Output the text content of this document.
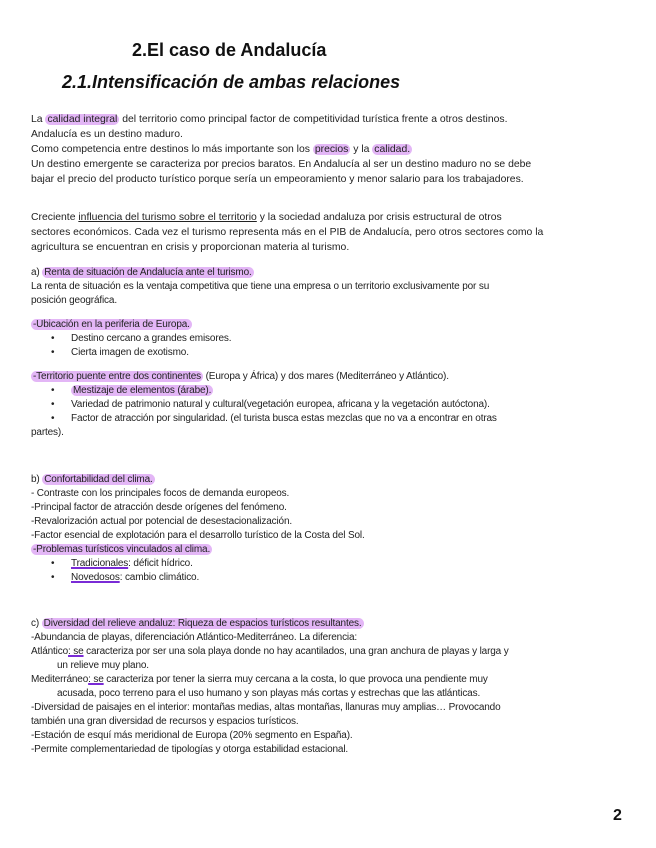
2.El caso de Andalucía
2.1.Intensificación de ambas relaciones
La calidad integral del territorio como principal factor de competitividad turística frente a otros destinos.
Andalucía es un destino maduro.
Como competencia entre destinos lo más importante son los precios y la calidad.
Un destino emergente se caracteriza por precios baratos. En Andalucía al ser un destino maduro no se debe
bajar el precio del producto turístico porque sería un empeoramiento y menor salario para los trabajadores.
Creciente influencia del turismo sobre el territorio y la sociedad andaluza por crisis estructural de otros
sectores económicos. Cada vez el turismo representa más en el PIB de Andalucía, pero otros sectores como la
agricultura se encuentran en crisis y proporcionan materia al turismo.
a) Renta de situación de Andalucía ante el turismo.
La renta de situación es la ventaja competitiva que tiene una empresa o un territorio exclusivamente por su
posición geográfica.
-Ubicación en la periferia de Europa.
• Destino cercano a grandes emisores.
• Cierta imagen de exotismo.
-Territorio puente entre dos continentes (Europa y África) y dos mares (Mediterráneo y Atlántico).
• Mestizaje de elementos (árabe).
• Variedad de patrimonio natural y cultural(vegetación europea, africana y la vegetación autóctona).
• Factor de atracción por singularidad. (el turista busca estas mezclas que no va a encontrar en otras
partes).
b) Confortabilidad del clima.
- Contraste con los principales focos de demanda europeos.
-Principal factor de atracción desde orígenes del fenómeno.
-Revalorización actual por potencial de desestacionalización.
-Factor esencial de explotación para el desarrollo turístico de la Costa del Sol.
-Problemas turísticos vinculados al clima.
• Tradicionales: déficit hídrico.
• Novedosos: cambio climático.
c) Diversidad del relieve andaluz: Riqueza de espacios turísticos resultantes.
-Abundancia de playas, diferenciación Atlántico-Mediterráneo. La diferencia:
Atlántico: se caracteriza por ser una sola playa donde no hay acantilados, una gran anchura de playas y larga y
un relieve muy plano.
Mediterráneo: se caracteriza por tener la sierra muy cercana a la costa, lo que provoca una pendiente muy
acusada, poco terreno para el uso humano y son playas más cortas y estrechas que las atlánticas.
-Diversidad de paisajes en el interior: montañas medias, altas montañas, llanuras muy amplias… Provocando
también una gran diversidad de recursos y espacios turísticos.
-Estación de esquí más meridional de Europa (20% segmento en España).
-Permite complementariedad de tipologías y otorga estabilidad estacional.
2
